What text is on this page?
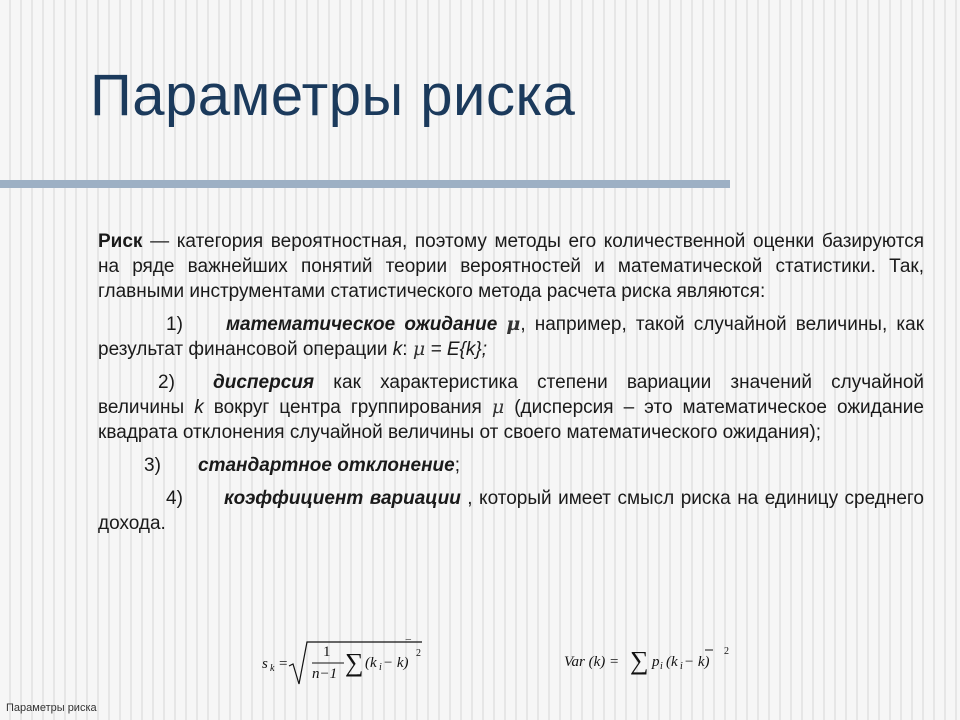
Параметры риска

Риск — категория вероятностная, поэтому методы его количественной оценки базируются на ряде важнейших понятий теории вероятностей и математической статистики. Так, главными инструментами статистического метода расчета риска являются:

1) математическое ожидание μ, например, такой случайной величины, как результат финансовой операции k: μ = E{k};

2) дисперсия как характеристика степени вариации значений случайной величины k вокруг центра группирования μ (дисперсия – это математическое ожидание квадрата отклонения случайной величины от своего математического ожидания);

3) стандартное отклонение;

4) коэффициент вариации , который имеет смысл риска на единицу среднего дохода.

s k =
1
n−1 ∑ (k i − k)
‾ 2
Var (k) = ∑ p i (k i − k)
2
Параметры риска
